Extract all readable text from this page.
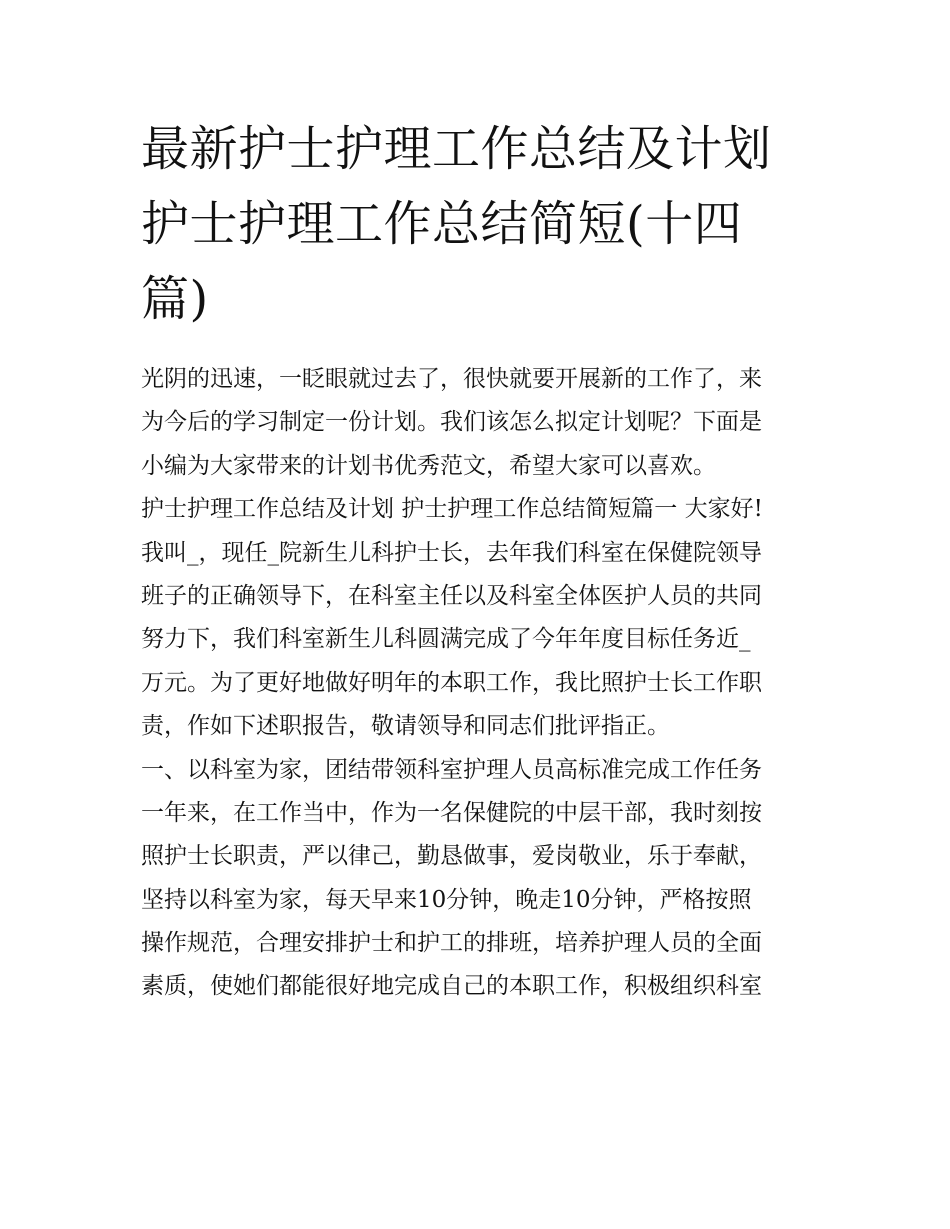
最新护士护理工作总结及计划
护士护理工作总结简短(十四
篇)
光阴的迅速，一眨眼就过去了，很快就要开展新的工作了，来
为今后的学习制定一份计划。我们该怎么拟定计划呢？下面是
小编为大家带来的计划书优秀范文，希望大家可以喜欢。
护士护理工作总结及计划 护士护理工作总结简短篇一 大家好!
我叫_，现任_院新生儿科护士长，去年我们科室在保健院领导
班子的正确领导下，在科室主任以及科室全体医护人员的共同
努力下，我们科室新生儿科圆满完成了今年年度目标任务近_
万元。为了更好地做好明年的本职工作，我比照护士长工作职
责，作如下述职报告，敬请领导和同志们批评指正。
一、以科室为家，团结带领科室护理人员高标准完成工作任务
一年来，在工作当中，作为一名保健院的中层干部，我时刻按
照护士长职责，严以律己，勤恳做事，爱岗敬业，乐于奉献，
坚持以科室为家，每天早来10分钟，晚走10分钟，严格按照
操作规范，合理安排护士和护工的排班，培养护理人员的全面
素质，使她们都能很好地完成自己的本职工作，积极组织科室
